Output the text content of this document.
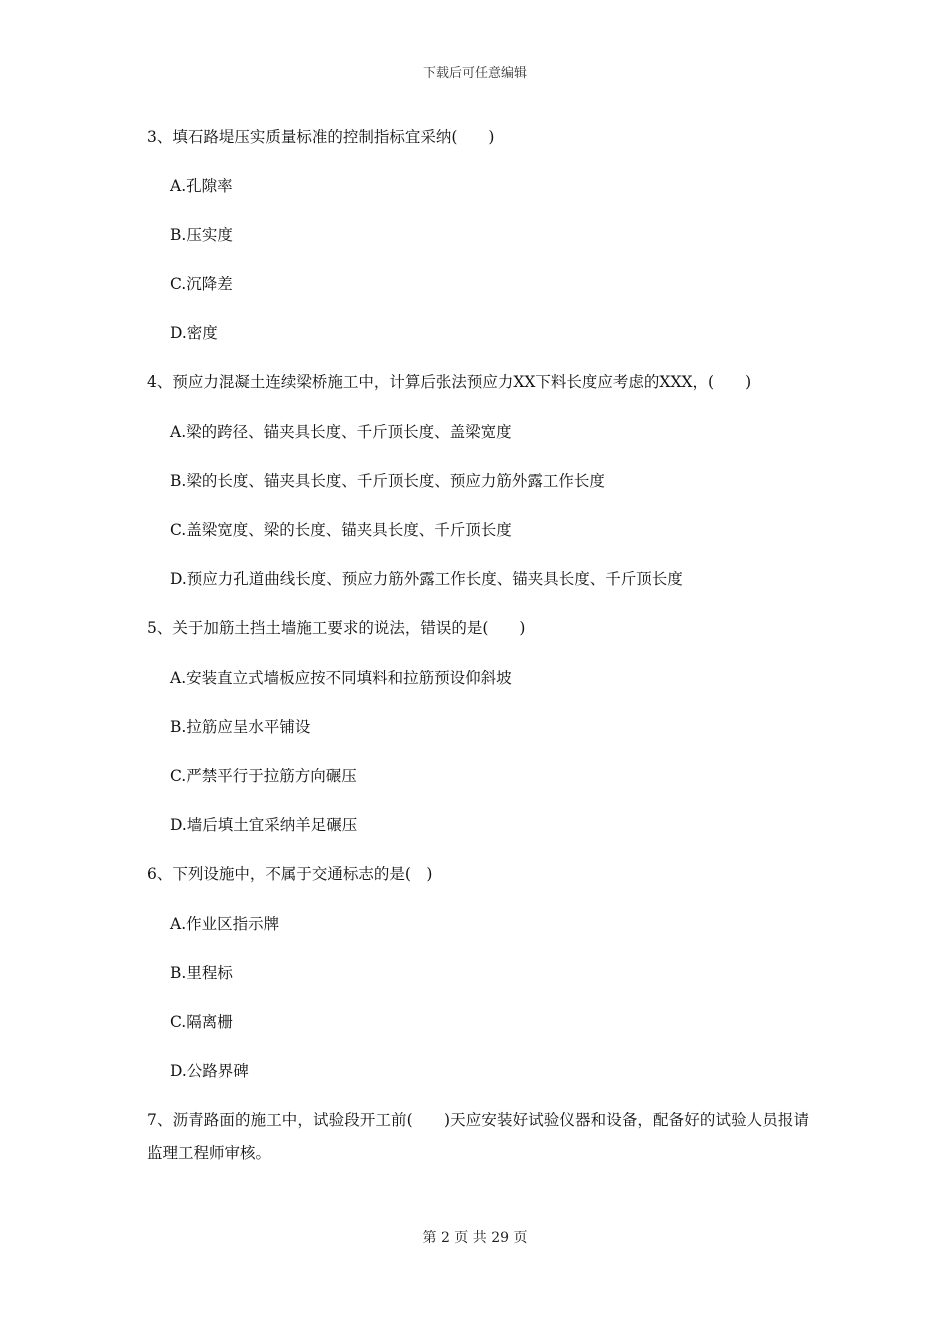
下载后可任意编辑
3、填石路堤压实质量标准的控制指标宜采纳(　　)
A.孔隙率
B.压实度
C.沉降差
D.密度
4、预应力混凝土连续梁桥施工中，计算后张法预应力XX下料长度应考虑的XXX，(　　)
A.梁的跨径、锚夹具长度、千斤顶长度、盖梁宽度
B.梁的长度、锚夹具长度、千斤顶长度、预应力筋外露工作长度
C.盖梁宽度、梁的长度、锚夹具长度、千斤顶长度
D.预应力孔道曲线长度、预应力筋外露工作长度、锚夹具长度、千斤顶长度
5、关于加筋土挡土墙施工要求的说法，错误的是(　　)
A.安装直立式墙板应按不同填料和拉筋预设仰斜坡
B.拉筋应呈水平铺设
C.严禁平行于拉筋方向碾压
D.墙后填土宜采纳羊足碾压
6、下列设施中，不属于交通标志的是(　)
A.作业区指示牌
B.里程标
C.隔离栅
D.公路界碑
7、沥青路面的施工中，试验段开工前(　　)天应安装好试验仪器和设备，配备好的试验人员报请监理工程师审核。
第 2 页 共 29 页
